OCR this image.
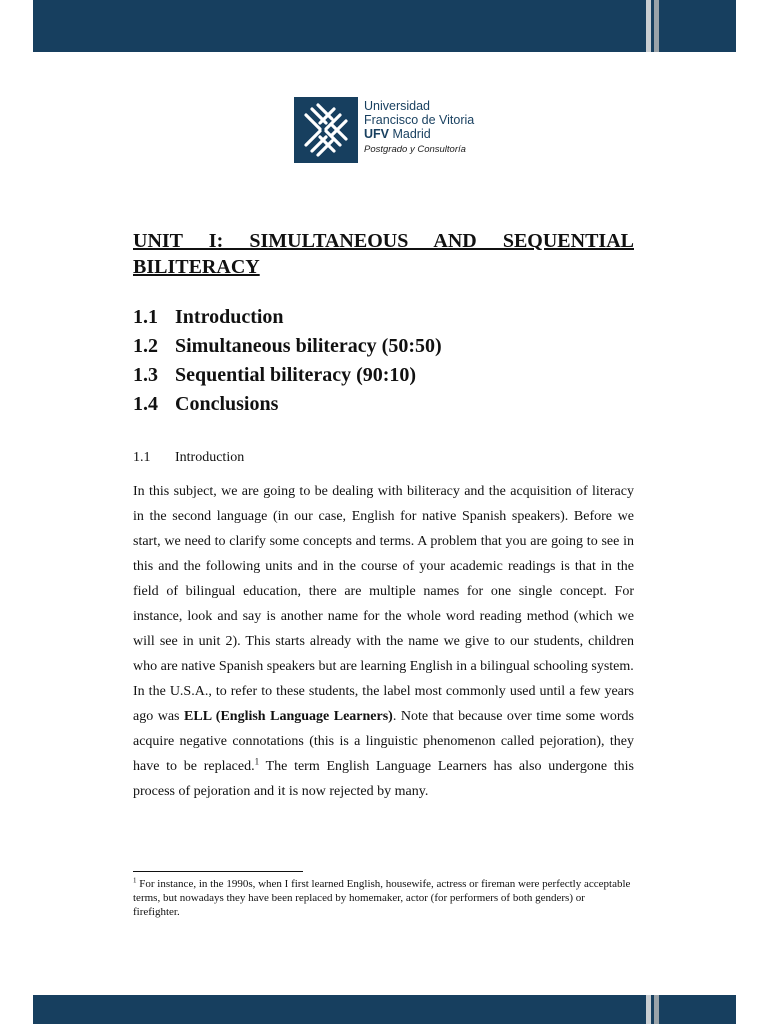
Universidad
Francisco de Vitoria
UFV Madrid
Postgrado y Consultoría
UNIT I: SIMULTANEOUS AND SEQUENTIAL
BILITERACY
1.1 Introduction
1.2 Simultaneous biliteracy (50:50)
1.3 Sequential biliteracy (90:10)
1.4 Conclusions
1.1 Introduction

In this subject, we are going to be dealing with biliteracy and the acquisition of literacy in the second language (in our case, English for native Spanish speakers). Before we start, we need to clarify some concepts and terms. A problem that you are going to see in this and the following units and in the course of your academic readings is that in the field of bilingual education, there are multiple names for one single concept. For instance, look and say is another name for the whole word reading method (which we will see in unit 2). This starts already with the name we give to our students, children who are native Spanish speakers but are learning English in a bilingual schooling system.

In the U.S.A., to refer to these students, the label most commonly used until a few years ago was ELL (English Language Learners). Note that because over time some words acquire negative connotations (this is a linguistic phenomenon called pejoration), they have to be replaced.$^1$ The term English Language Learners has also undergone this process of pejoration and it is now rejected by many.

$^1$ For instance, in the 1990s, when I first learned English, housewife, actress or fireman were perfectly acceptable terms, but nowadays they have been replaced by homemaker, actor (for performers of both genders) or firefighter.
